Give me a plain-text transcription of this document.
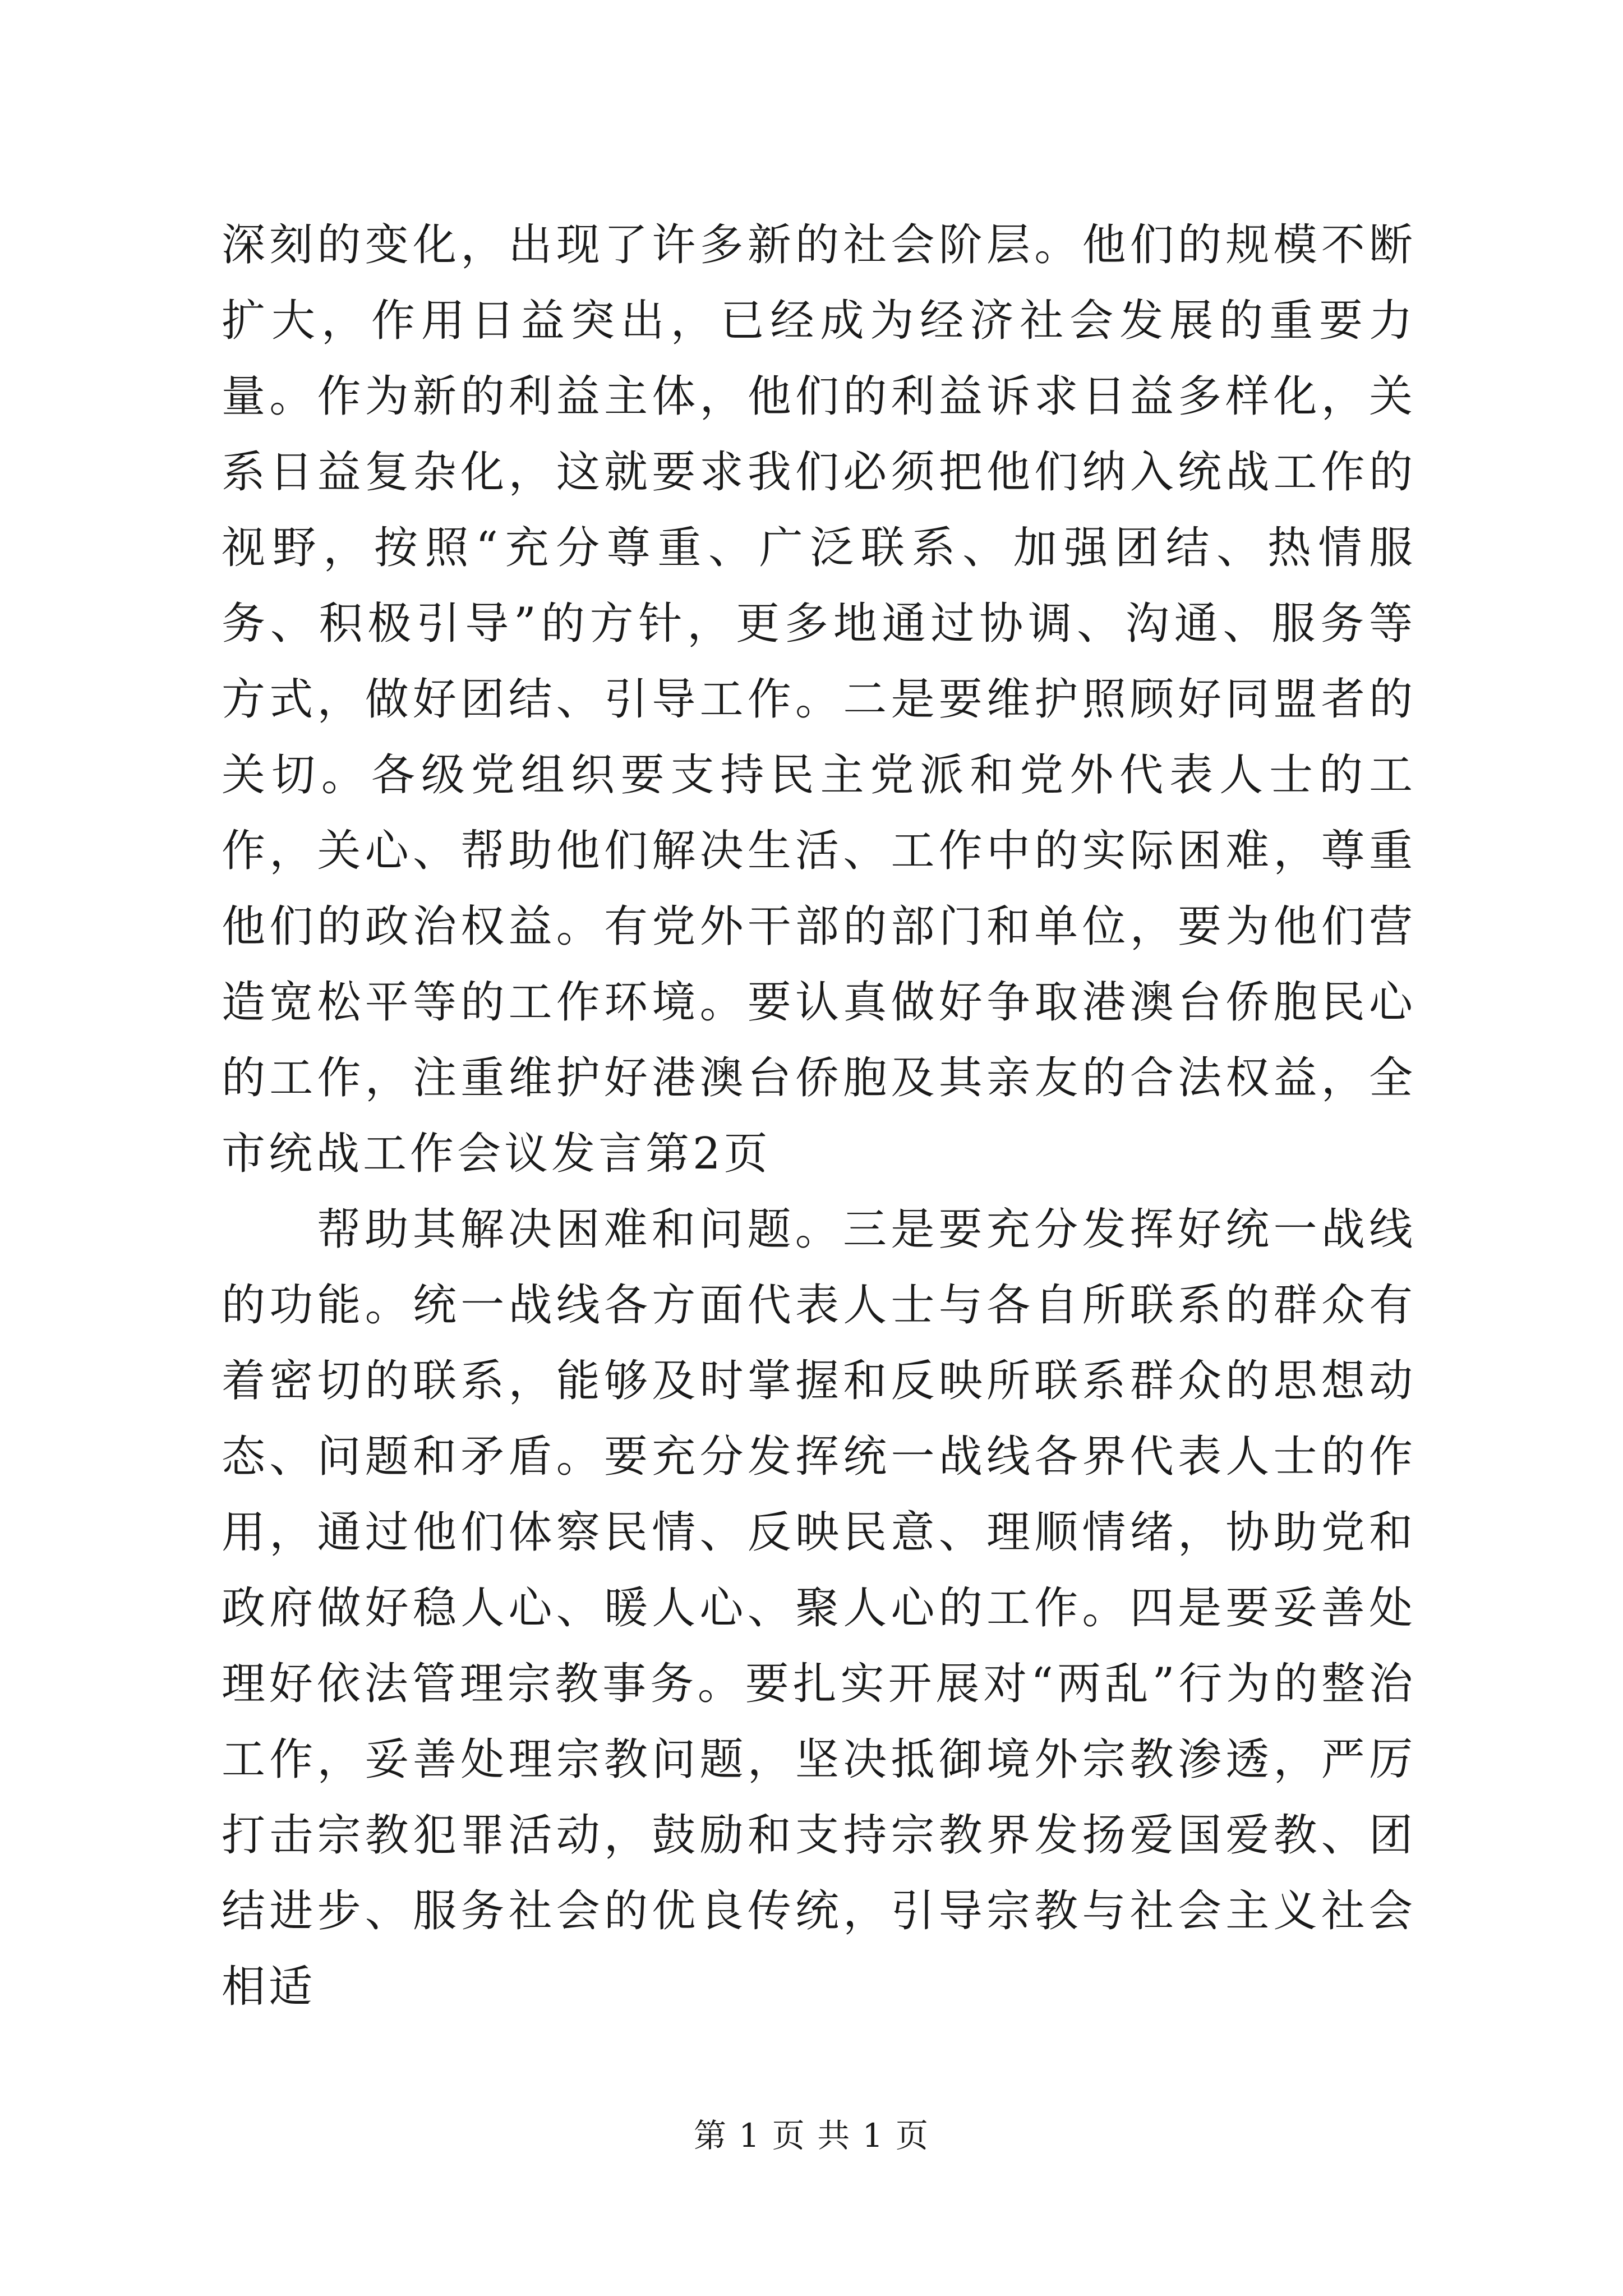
深刻的变化，出现了许多新的社会阶层。他们的规模不断扩大，作用日益突出，已经成为经济社会发展的重要力量。作为新的利益主体，他们的利益诉求日益多样化，关系日益复杂化，这就要求我们必须把他们纳入统战工作的视野，按照“充分尊重、广泛联系、加强团结、热情服务、积极引导”的方针，更多地通过协调、沟通、服务等方式，做好团结、引导工作。二是要维护照顾好同盟者的关切。各级党组织要支持民主党派和党外代表人士的工作，关心、帮助他们解决生活、工作中的实际困难，尊重他们的政治权益。有党外干部的部门和单位，要为他们营造宽松平等的工作环境。要认真做好争取港澳台侨胞民心的工作，注重维护好港澳台侨胞及其亲友的合法权益，全市统战工作会议发言第2页

帮助其解决困难和问题。三是要充分发挥好统一战线的功能。统一战线各方面代表人士与各自所联系的群众有着密切的联系，能够及时掌握和反映所联系群众的思想动态、问题和矛盾。要充分发挥统一战线各界代表人士的作用，通过他们体察民情、反映民意、理顺情绪，协助党和政府做好稳人心、暖人心、聚人心的工作。四是要妥善处理好依法管理宗教事务。要扎实开展对“两乱”行为的整治工作，妥善处理宗教问题，坚决抵御境外宗教渗透，严厉打击宗教犯罪活动，鼓励和支持宗教界发扬爱国爱教、团结进步、服务社会的优良传统，引导宗教与社会主义社会相适

第 1 页 共 1 页
